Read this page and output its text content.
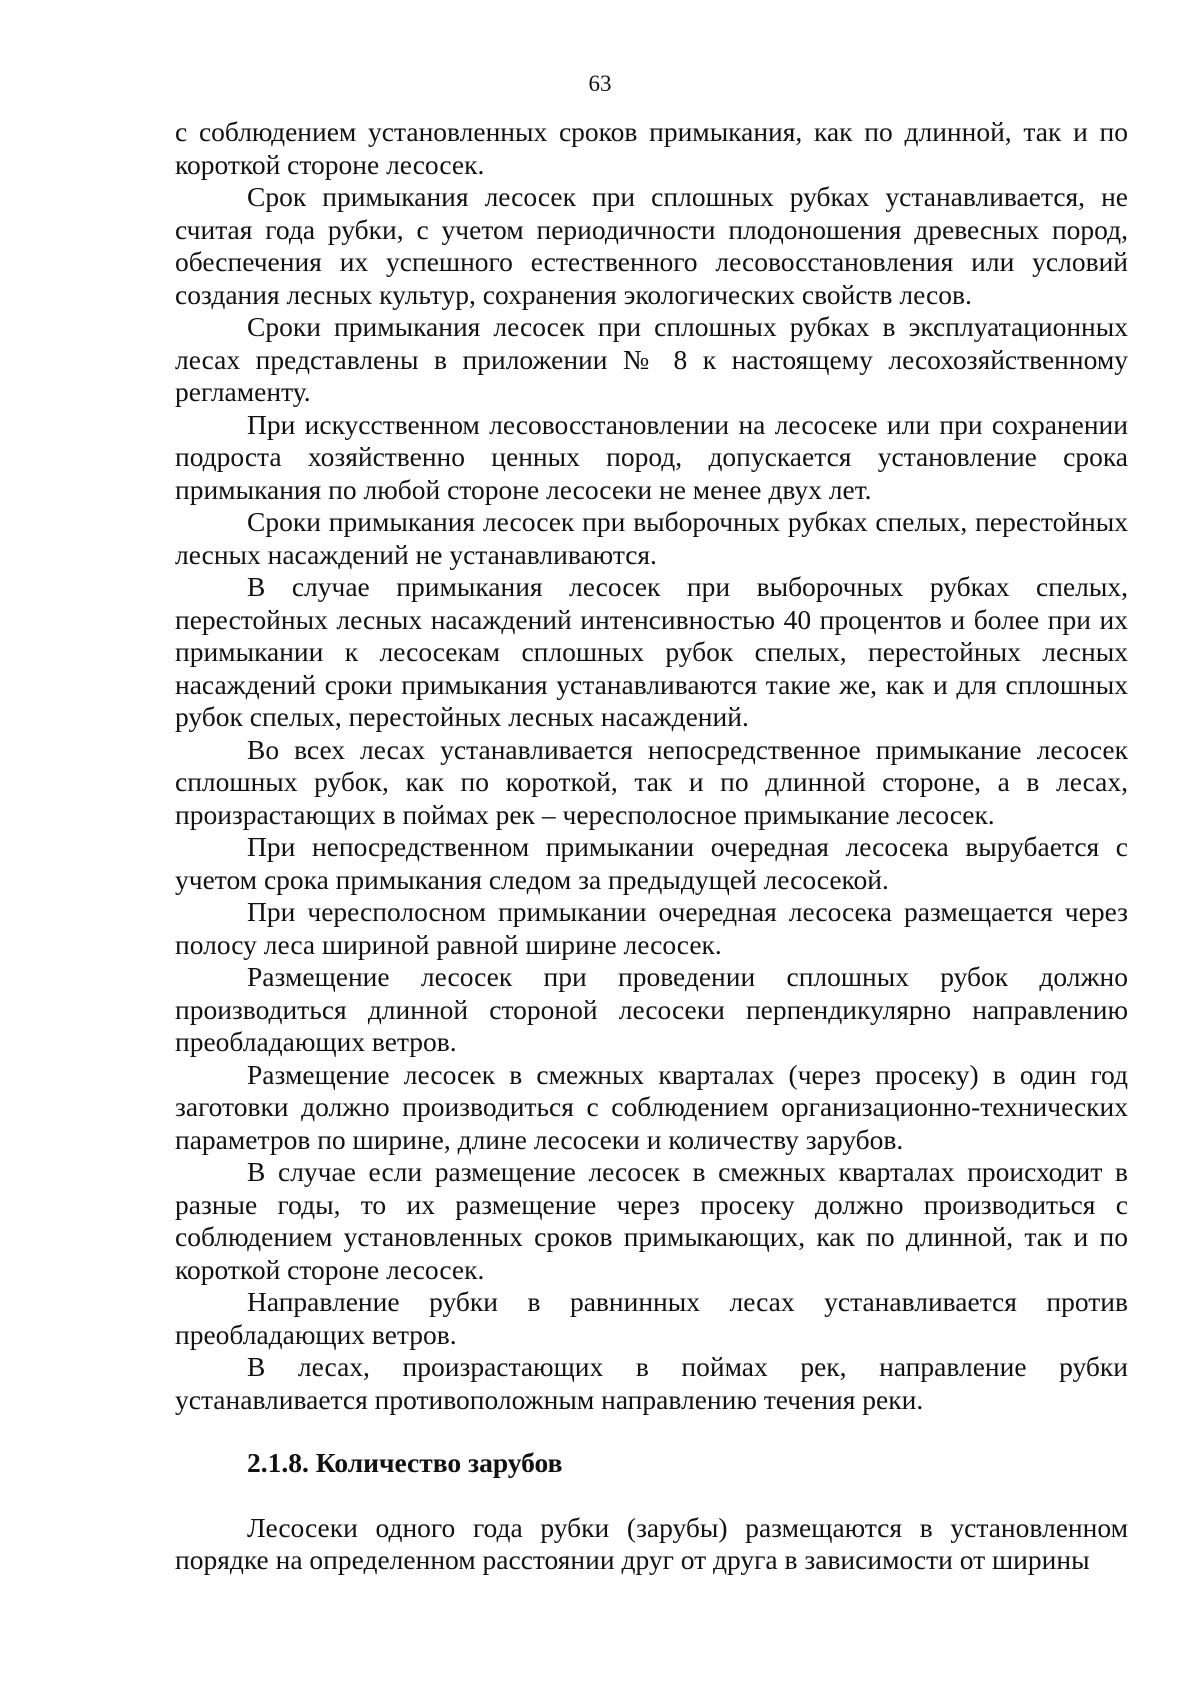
63

с соблюдением установленных сроков примыкания, как по длинной, так и по короткой стороне лесосек.

Срок примыкания лесосек при сплошных рубках устанавливается, не считая года рубки, с учетом периодичности плодоношения древесных пород, обеспечения их успешного естественного лесовосстановления или условий создания лесных культур, сохранения экологических свойств лесов.

Сроки примыкания лесосек при сплошных рубках в эксплуатационных лесах представлены в приложении № 8 к настоящему лесохозяйственному регламенту.

При искусственном лесовосстановлении на лесосеке или при сохранении подроста хозяйственно ценных пород, допускается установление срока примыкания по любой стороне лесосеки не менее двух лет.

Сроки примыкания лесосек при выборочных рубках спелых, перестойных лесных насаждений не устанавливаются.

В случае примыкания лесосек при выборочных рубках спелых, перестойных лесных насаждений интенсивностью 40 процентов и более при их примыкании к лесосекам сплошных рубок спелых, перестойных лесных насаждений сроки примыкания устанавливаются такие же, как и для сплошных рубок спелых, перестойных лесных насаждений.

Во всех лесах устанавливается непосредственное примыкание лесосек сплошных рубок, как по короткой, так и по длинной стороне, а в лесах, произрастающих в поймах рек – чересполосное примыкание лесосек.

При непосредственном примыкании очередная лесосека вырубается с учетом срока примыкания следом за предыдущей лесосекой.

При чересполосном примыкании очередная лесосека размещается через полосу леса шириной равной ширине лесосек.

Размещение лесосек при проведении сплошных рубок должно производиться длинной стороной лесосеки перпендикулярно направлению преобладающих ветров.

Размещение лесосек в смежных кварталах (через просеку) в один год заготовки должно производиться с соблюдением организационно-технических параметров по ширине, длине лесосеки и количеству зарубов.

В случае если размещение лесосек в смежных кварталах происходит в разные годы, то их размещение через просеку должно производиться с соблюдением установленных сроков примыкающих, как по длинной, так и по короткой стороне лесосек.

Направление рубки в равнинных лесах устанавливается против преобладающих ветров.

В лесах, произрастающих в поймах рек, направление рубки устанавливается противоположным направлению течения реки.

2.1.8. Количество зарубов

Лесосеки одного года рубки (зарубы) размещаются в установленном порядке на определенном расстоянии друг от друга в зависимости от ширины
